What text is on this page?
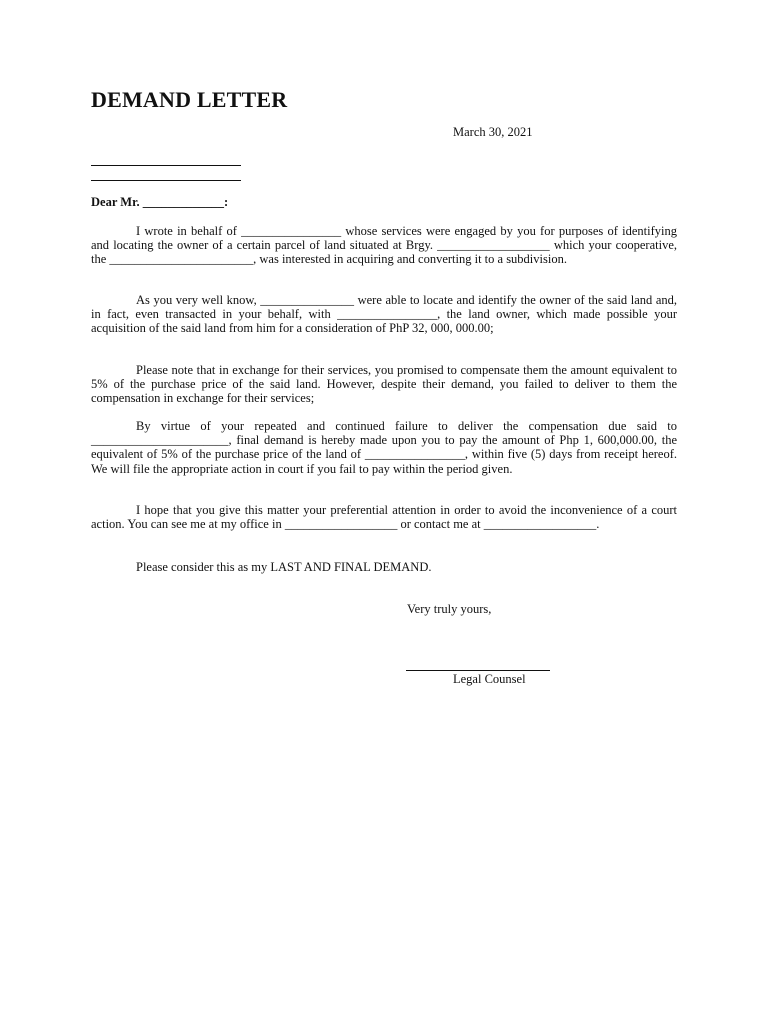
DEMAND LETTER
March 30, 2021
Dear Mr. _____________:

I wrote in behalf of ________________ whose services were engaged by you for purposes of identifying and locating the owner of a certain parcel of land situated at Brgy. __________________ which your cooperative, the _______________________, was interested in acquiring and converting it to a subdivision.

As you very well know, _______________ were able to locate and identify the owner of the said land and, in fact, even transacted in your behalf, with ________________, the land owner, which made possible your acquisition of the said land from him for a consideration of PhP 32, 000, 000.00;

Please note that in exchange for their services, you promised to compensate them the amount equivalent to 5% of the purchase price of the said land. However, despite their demand, you failed to deliver to them the compensation in exchange for their services;

By virtue of your repeated and continued failure to deliver the compensation due said to ______________________, final demand is hereby made upon you to pay the amount of Php 1, 600,000.00, the equivalent of 5% of the purchase price of the land of ________________, within five (5) days from receipt hereof. We will file the appropriate action in court if you fail to pay within the period given.

I hope that you give this matter your preferential attention in order to avoid the inconvenience of a court action. You can see me at my office in __________________ or contact me at __________________.

Please consider this as my LAST AND FINAL DEMAND.

Very truly yours,
Legal Counsel
